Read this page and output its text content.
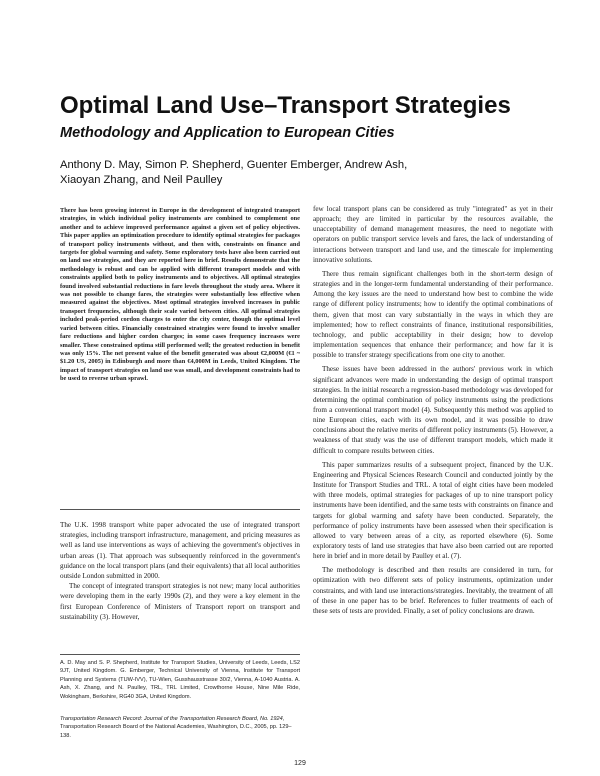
Optimal Land Use–Transport Strategies
Methodology and Application to European Cities
Anthony D. May, Simon P. Shepherd, Guenter Emberger, Andrew Ash,
Xiaoyan Zhang, and Neil Paulley

There has been growing interest in Europe in the development of integrated transport strategies, in which individual policy instruments are combined to complement one another and to achieve improved performance against a given set of policy objectives. This paper applies an optimization procedure to identify optimal strategies for packages of transport policy instruments without, and then with, constraints on finance and targets for global warming and safety. Some exploratory tests have also been carried out on land use strategies, and they are reported here in brief. Results demonstrate that the methodology is robust and can be applied with different transport models and with constraints applied both to policy instruments and to objectives. All optimal strategies found involved substantial reductions in fare levels throughout the study area. Where it was not possible to change fares, the strategies were substantially less effective when measured against the objectives. Most optimal strategies involved increases in public transport frequencies, although their scale varied between cities. All optimal strategies included peak-period cordon charges to enter the city center, though the optimal level varied between cities. Financially constrained strategies were found to involve smaller fare reductions and higher cordon charges; in some cases frequency increases were smaller. These constrained optima still performed well; the greatest reduction in benefit was only 15%. The net present value of the benefit generated was about €2,000M (€1 ~ $1.20 US, 2005) in Edinburgh and more than €4,000M in Leeds, United Kingdom. The impact of transport strategies on land use was small, and development constraints had to be used to reverse urban sprawl.

The U.K. 1998 transport white paper advocated the use of integrated transport strategies, including transport infrastructure, management, and pricing measures as well as land use interventions as ways of achieving the government's objectives in urban areas (1). That approach was subsequently reinforced in the government's guidance on the local transport plans (and their equivalents) that all local authorities outside London submitted in 2000.

The concept of integrated transport strategies is not new; many local authorities were developing them in the early 1990s (2), and they were a key element in the first European Conference of Ministers of Transport report on transport and sustainability (3). However,

A. D. May and S. P. Shepherd, Institute for Transport Studies, University of Leeds, Leeds, LS2 9JT, United Kingdom. G. Emberger, Technical University of Vienna, Institute for Transport Planning and Systems (TUW-IVV), TU-Wien, Gusshausstrasse 30/2, Vienna, A-1040 Austria. A. Ash, X. Zhang, and N. Paulley, TRL, TRL Limited, Crowthorne House, Nine Mile Ride, Wokingham, Berkshire, RG40 3GA, United Kingdom.

Transportation Research Record: Journal of the Transportation Research Board, No. 1924, Transportation Research Board of the National Academies, Washington, D.C., 2005, pp. 129–138.

few local transport plans can be considered as truly "integrated" as yet in their approach; they are limited in particular by the resources available, the unacceptability of demand management measures, the need to negotiate with operators on public transport service levels and fares, the lack of understanding of interactions between transport and land use, and the timescale for implementing innovative solutions.

There thus remain significant challenges both in the short-term design of strategies and in the longer-term fundamental understanding of their performance. Among the key issues are the need to understand how best to combine the wide range of different policy instruments; how to identify the optimal combinations of them, given that most can vary substantially in the ways in which they are implemented; how to reflect constraints of finance, institutional responsibilities, technology, and public acceptability in their design; how to develop implementation sequences that enhance their performance; and how far it is possible to transfer strategy specifications from one city to another.

These issues have been addressed in the authors' previous work in which significant advances were made in understanding the design of optimal transport strategies. In the initial research a regression-based methodology was developed for determining the optimal combination of policy instruments using the predictions from a conventional transport model (4). Subsequently this method was applied to nine European cities, each with its own model, and it was possible to draw conclusions about the relative merits of different policy instruments (5). However, a weakness of that study was the use of different transport models, which made it difficult to compare results between cities.

This paper summarizes results of a subsequent project, financed by the U.K. Engineering and Physical Sciences Research Council and conducted jointly by the Institute for Transport Studies and TRL. A total of eight cities have been modeled with three models, optimal strategies for packages of up to nine transport policy instruments have been identified, and the same tests with constraints on finance and targets for global warming and safety have been conducted. Separately, the performance of policy instruments have been assessed when their specification is allowed to vary between areas of a city, as reported elsewhere (6). Some exploratory tests of land use strategies that have also been carried out are reported here in brief and in more detail by Paulley et al. (7).

The methodology is described and then results are considered in turn, for optimization with two different sets of policy instruments, optimization under constraints, and with land use interactions/strategies. Inevitably, the treatment of all of these in one paper has to be brief. References to fuller treatments of each of these sets of tests are provided. Finally, a set of policy conclusions are drawn.

129
